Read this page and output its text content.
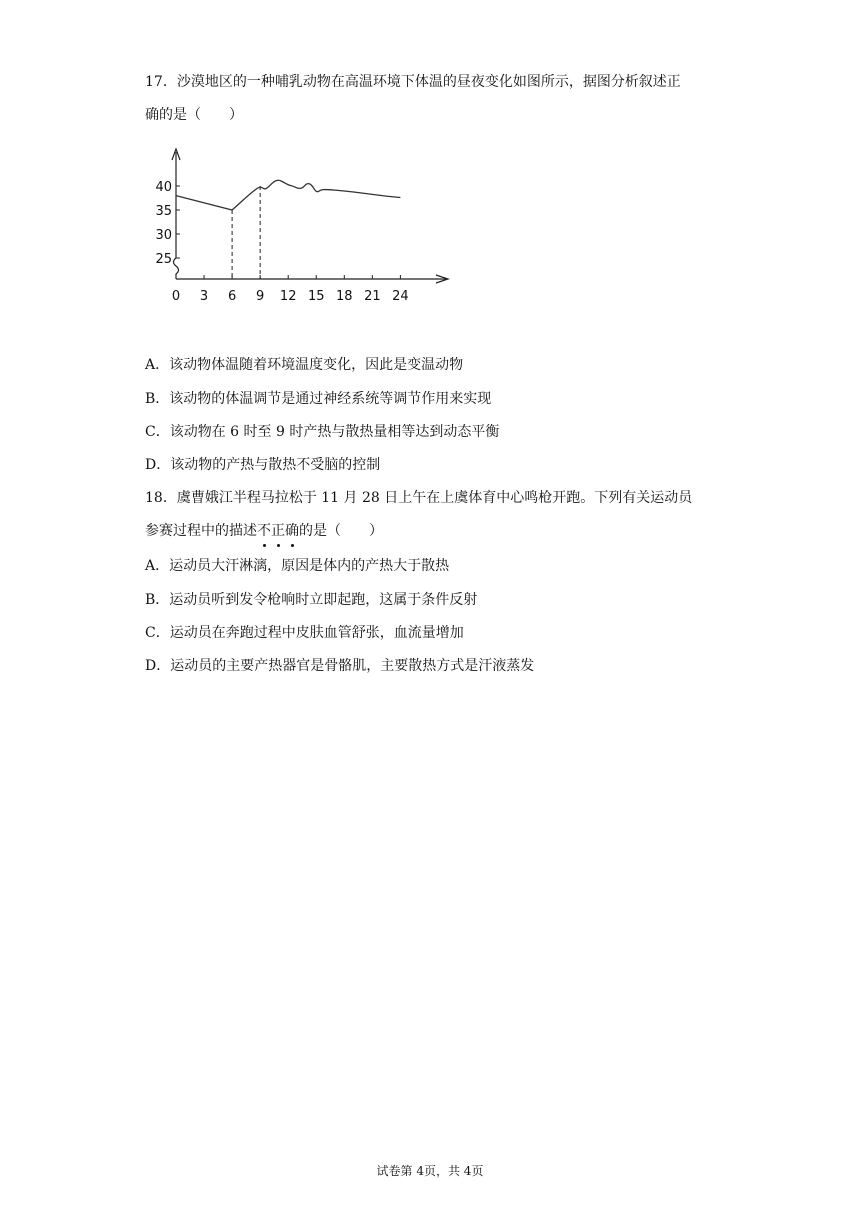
17．沙漠地区的一种哺乳动物在高温环境下体温的昼夜变化如图所示，据图分析叙述正
确的是（　　）
25
30
35
40
0 3 6 9 12 15 18 21 24
A．该动物体温随着环境温度变化，因此是变温动物
B．该动物的体温调节是通过神经系统等调节作用来实现
C．该动物在 6 时至 9 时产热与散热量相等达到动态平衡
D．该动物的产热与散热不受脑的控制
18．虞曹娥江半程马拉松于 11 月 28 日上午在上虞体育中心鸣枪开跑。下列有关运动员
参赛过程中的描述不正确的是（　　）
A．运动员大汗淋漓，原因是体内的产热大于散热
B．运动员听到发令枪响时立即起跑，这属于条件反射
C．运动员在奔跑过程中皮肤血管舒张，血流量增加
D．运动员的主要产热器官是骨骼肌，主要散热方式是汗液蒸发
试卷第 4页，共 4页
